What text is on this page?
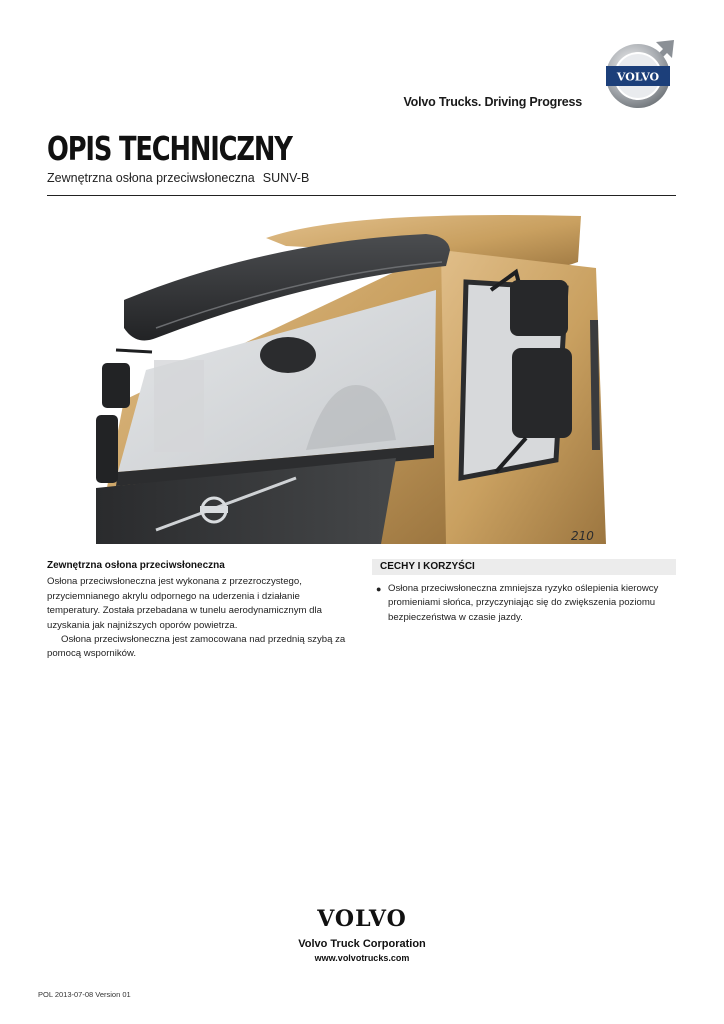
VOLVO
Volvo Trucks. Driving Progress
OPIS TECHNICZNY
Zewnętrzna osłona przeciwsłoneczna SUNV-B
210
Zewnętrzna osłona przeciwsłoneczna

Osłona przeciwsłoneczna jest wykonana z przezroczystego, przyciemnianego akrylu odpornego na uderzenia i działanie temperatury. Została przebadana w tunelu aerodynamicznym dla uzyskania jak najniższych oporów powietrza.

Osłona przeciwsłoneczna jest zamocowana nad przednią szybą za pomocą wsporników.

CECHY I KORZYŚCI
● Osłona przeciwsłoneczna zmniejsza ryzyko oślepienia kierowcy promieniami słońca, przyczyniając się do zwiększenia poziomu bezpieczeństwa w czasie jazdy.
VOLVO
Volvo Truck Corporation
www.volvotrucks.com
POL 2013-07-08 Version 01
